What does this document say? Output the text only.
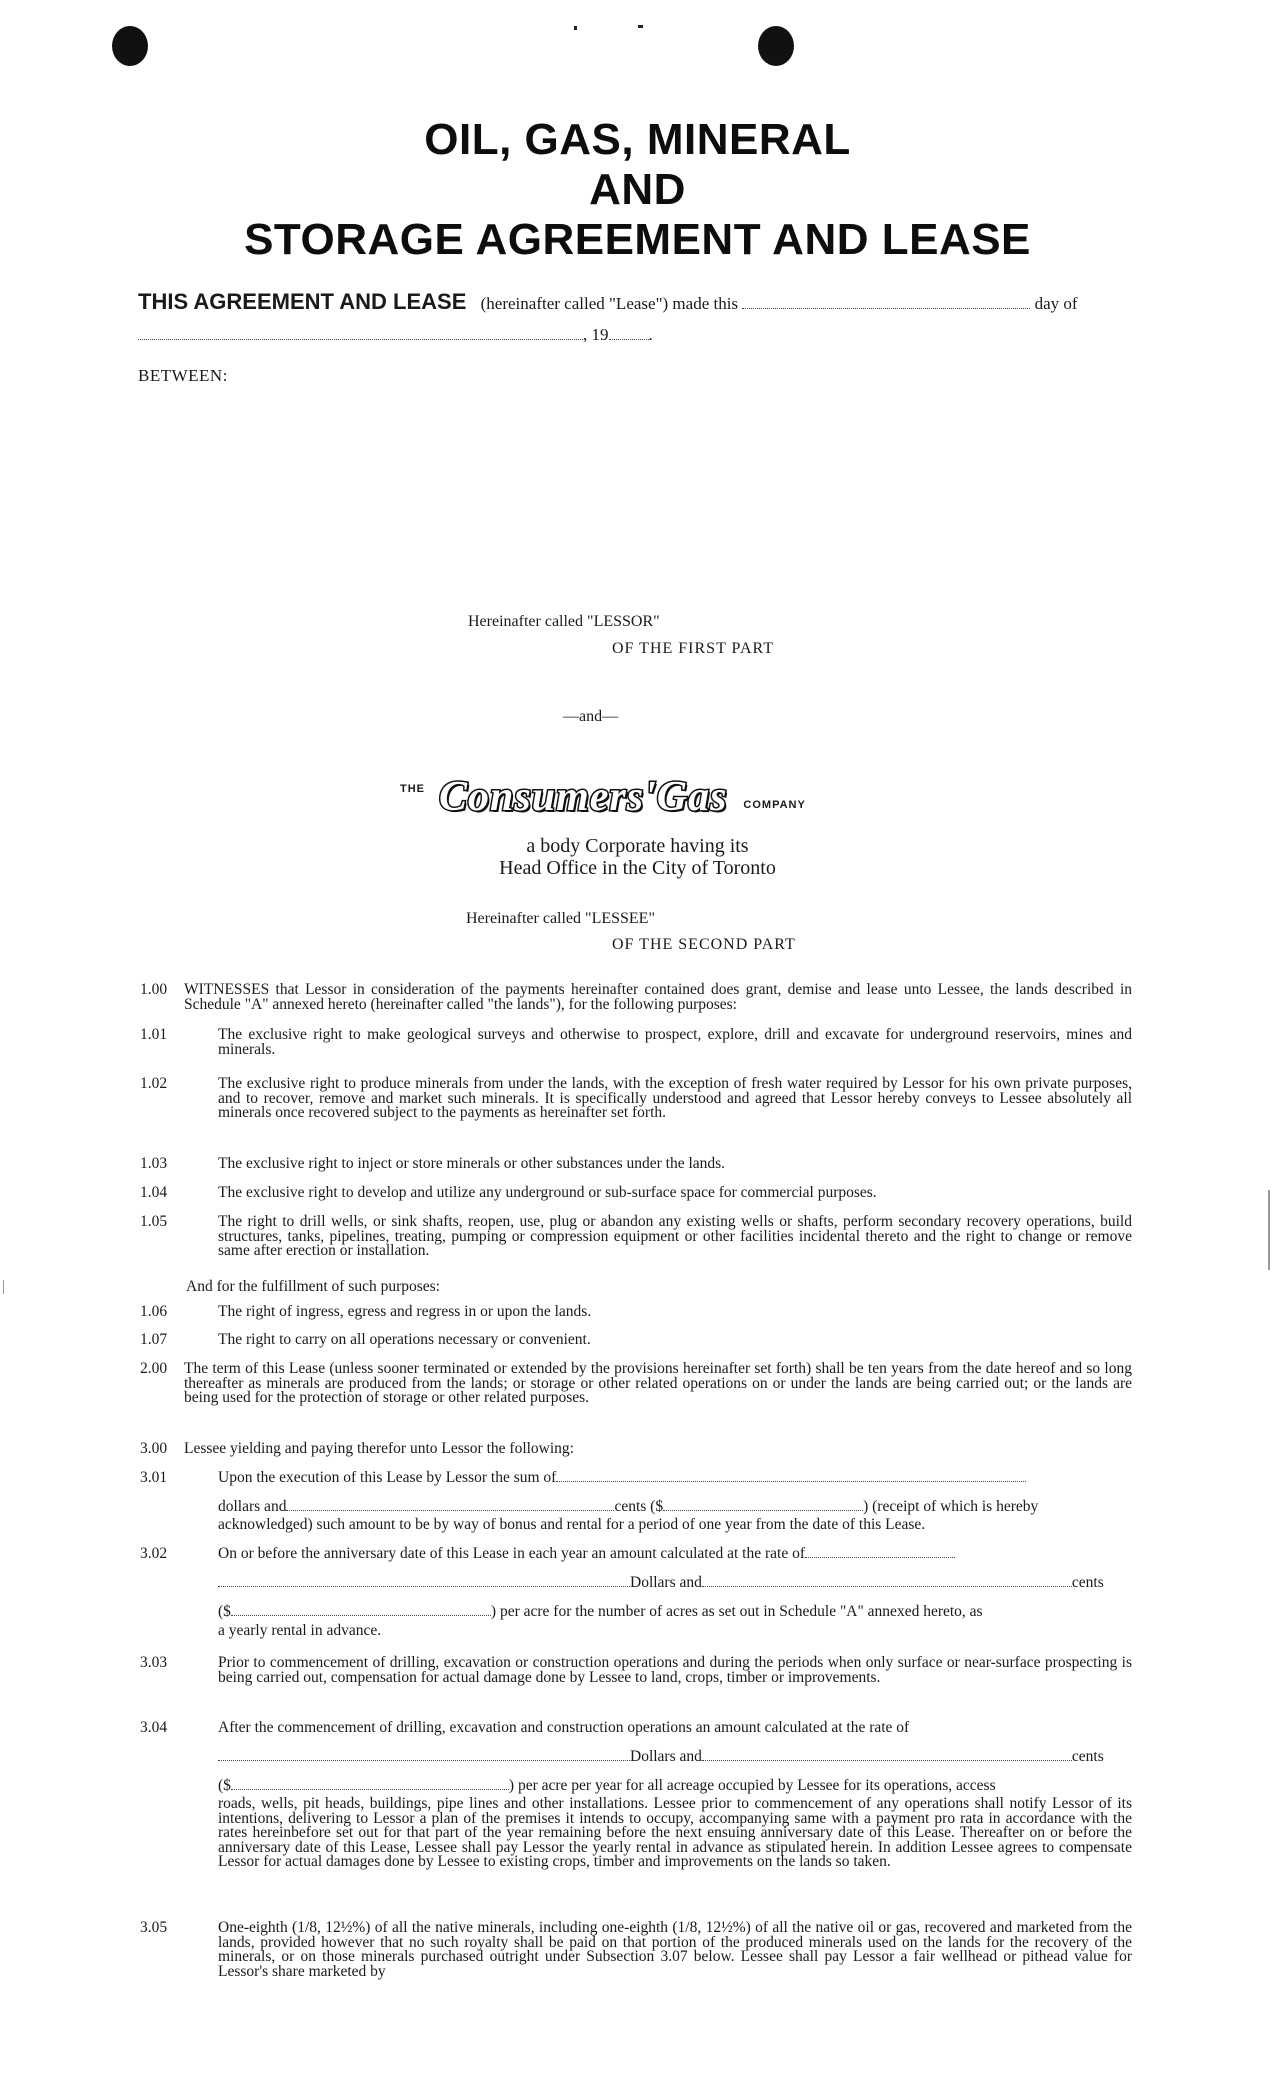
OIL, GAS, MINERAL
AND
STORAGE AGREEMENT AND LEASE
THIS AGREEMENT AND LEASE (hereinafter called "Lease") made this	day of
, 19 .
BETWEEN:
Hereinafter called "LESSOR"
OF THE FIRST PART
—and—
THE Consumers'Gas COMPANY
a body Corporate having its
Head Office in the City of Toronto
Hereinafter called "LESSEE"
OF THE SECOND PART
1.00 WITNESSES that Lessor in consideration of the payments hereinafter contained does grant, demise and lease unto Lessee, the lands described in Schedule "A" annexed hereto (hereinafter called "the lands"), for the following purposes:
1.01	The exclusive right to make geological surveys and otherwise to prospect, explore, drill and excavate for underground reservoirs, mines and minerals.
1.02	The exclusive right to produce minerals from under the lands, with the exception of fresh water required by Lessor for his own private purposes, and to recover, remove and market such minerals. It is specifically understood and agreed that Lessor hereby conveys to Lessee absolutely all minerals once recovered subject to the payments as hereinafter set forth.
1.03	The exclusive right to inject or store minerals or other substances under the lands.
1.04	The exclusive right to develop and utilize any underground or sub-surface space for commercial purposes.
1.05	The right to drill wells, or sink shafts, reopen, use, plug or abandon any existing wells or shafts, perform secondary recovery operations, build structures, tanks, pipelines, treating, pumping or compression equipment or other facilities incidental thereto and the right to change or remove same after erection or installation.
And for the fulfillment of such purposes:
1.06	The right of ingress, egress and regress in or upon the lands.
1.07	The right to carry on all operations necessary or convenient.
2.00 The term of this Lease (unless sooner terminated or extended by the provisions hereinafter set forth) shall be ten years from the date hereof and so long thereafter as minerals are produced from the lands; or storage or other related operations on or under the lands are being carried out; or the lands are being used for the protection of storage or other related purposes.
3.00 Lessee yielding and paying therefor unto Lessor the following:
3.01	Upon the execution of this Lease by Lessor the sum of
dollars and	cents ($	) (receipt of which is hereby
acknowledged) such amount to be by way of bonus and rental for a period of one year from the date of this Lease.
3.02	On or before the anniversary date of this Lease in each year an amount calculated at the rate of
Dollars and	cents
($	) per acre for the number of acres as set out in Schedule "A" annexed hereto, as
a yearly rental in advance.
3.03	Prior to commencement of drilling, excavation or construction operations and during the periods when only surface or near-surface prospecting is being carried out, compensation for actual damage done by Lessee to land, crops, timber or improvements.
3.04	After the commencement of drilling, excavation and construction operations an amount calculated at the rate of
Dollars and	cents
($	) per acre per year for all acreage occupied by Lessee for its operations, access
roads, wells, pit heads, buildings, pipe lines and other installations. Lessee prior to commencement of any operations shall notify Lessor of its intentions, delivering to Lessor a plan of the premises it intends to occupy, accompanying same with a payment pro rata in accordance with the rates hereinbefore set out for that part of the year remaining before the next ensuing anniversary date of this Lease. Thereafter on or before the anniversary date of this Lease, Lessee shall pay Lessor the yearly rental in advance as stipulated herein. In addition Lessee agrees to compensate Lessor for actual damages done by Lessee to existing crops, timber and improvements on the lands so taken.
3.05	One-eighth (1/8, 12½%) of all the native minerals, including one-eighth (1/8, 12½%) of all the native oil or gas, recovered and marketed from the lands, provided however that no such royalty shall be paid on that portion of the produced minerals used on the lands for the recovery of the minerals, or on those minerals purchased outright under Subsection 3.07 below. Lessee shall pay Lessor a fair wellhead or pithead value for Lessor's share marketed by
